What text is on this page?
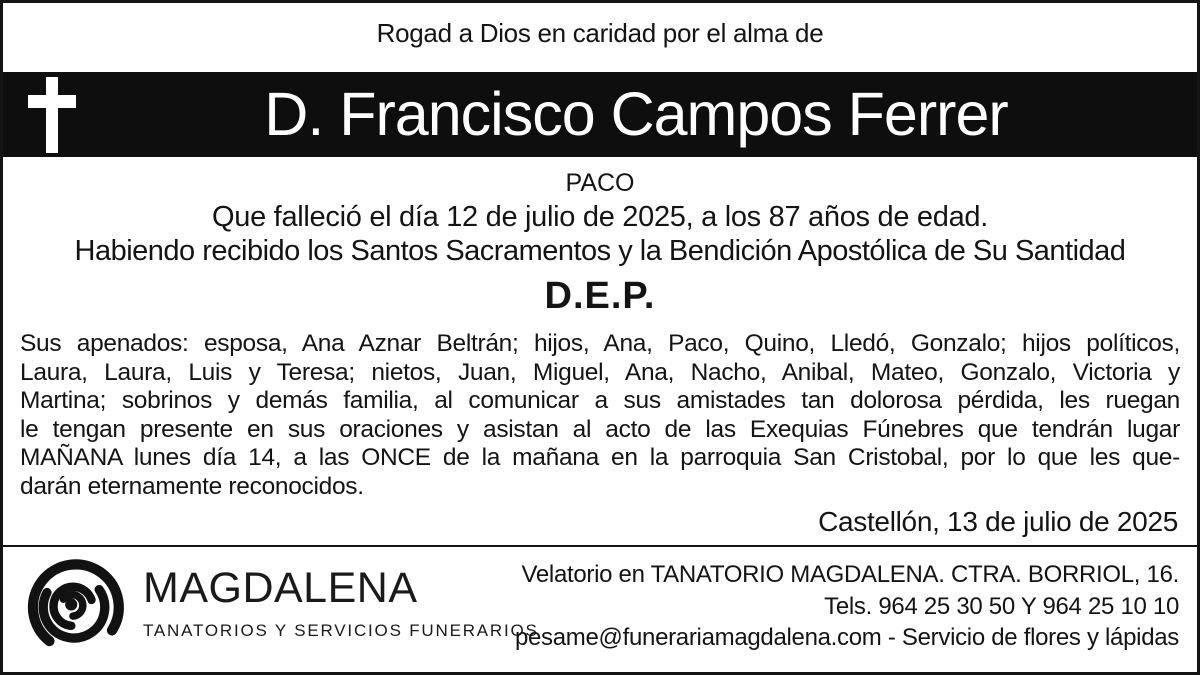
Rogad a Dios en caridad por el alma de
D. Francisco Campos Ferrer
PACO
Que falleció el día 12 de julio de 2025, a los 87 años de edad.
Habiendo recibido los Santos Sacramentos y la Bendición Apostólica de Su Santidad
D.E.P.
Sus apenados: esposa, Ana Aznar Beltrán; hijos, Ana, Paco, Quino, Lledó, Gonzalo; hijos políticos,
Laura, Laura, Luis y Teresa; nietos, Juan, Miguel, Ana, Nacho, Anibal, Mateo, Gonzalo, Victoria y
Martina; sobrinos y demás familia, al comunicar a sus amistades tan dolorosa pérdida, les ruegan
le tengan presente en sus oraciones y asistan al acto de las Exequias Fúnebres que tendrán lugar
MAÑANA lunes día 14, a las ONCE de la mañana en la parroquia San Cristobal, por lo que les que-
darán eternamente reconocidos.
Castellón, 13 de julio de 2025
MAGDALENA
TANATORIOS Y SERVICIOS FUNERARIOS
Velatorio en TANATORIO MAGDALENA. CTRA. BORRIOL, 16.
Tels. 964 25 30 50 Y 964 25 10 10
pesame@funerariamagdalena.com - Servicio de flores y lápidas
